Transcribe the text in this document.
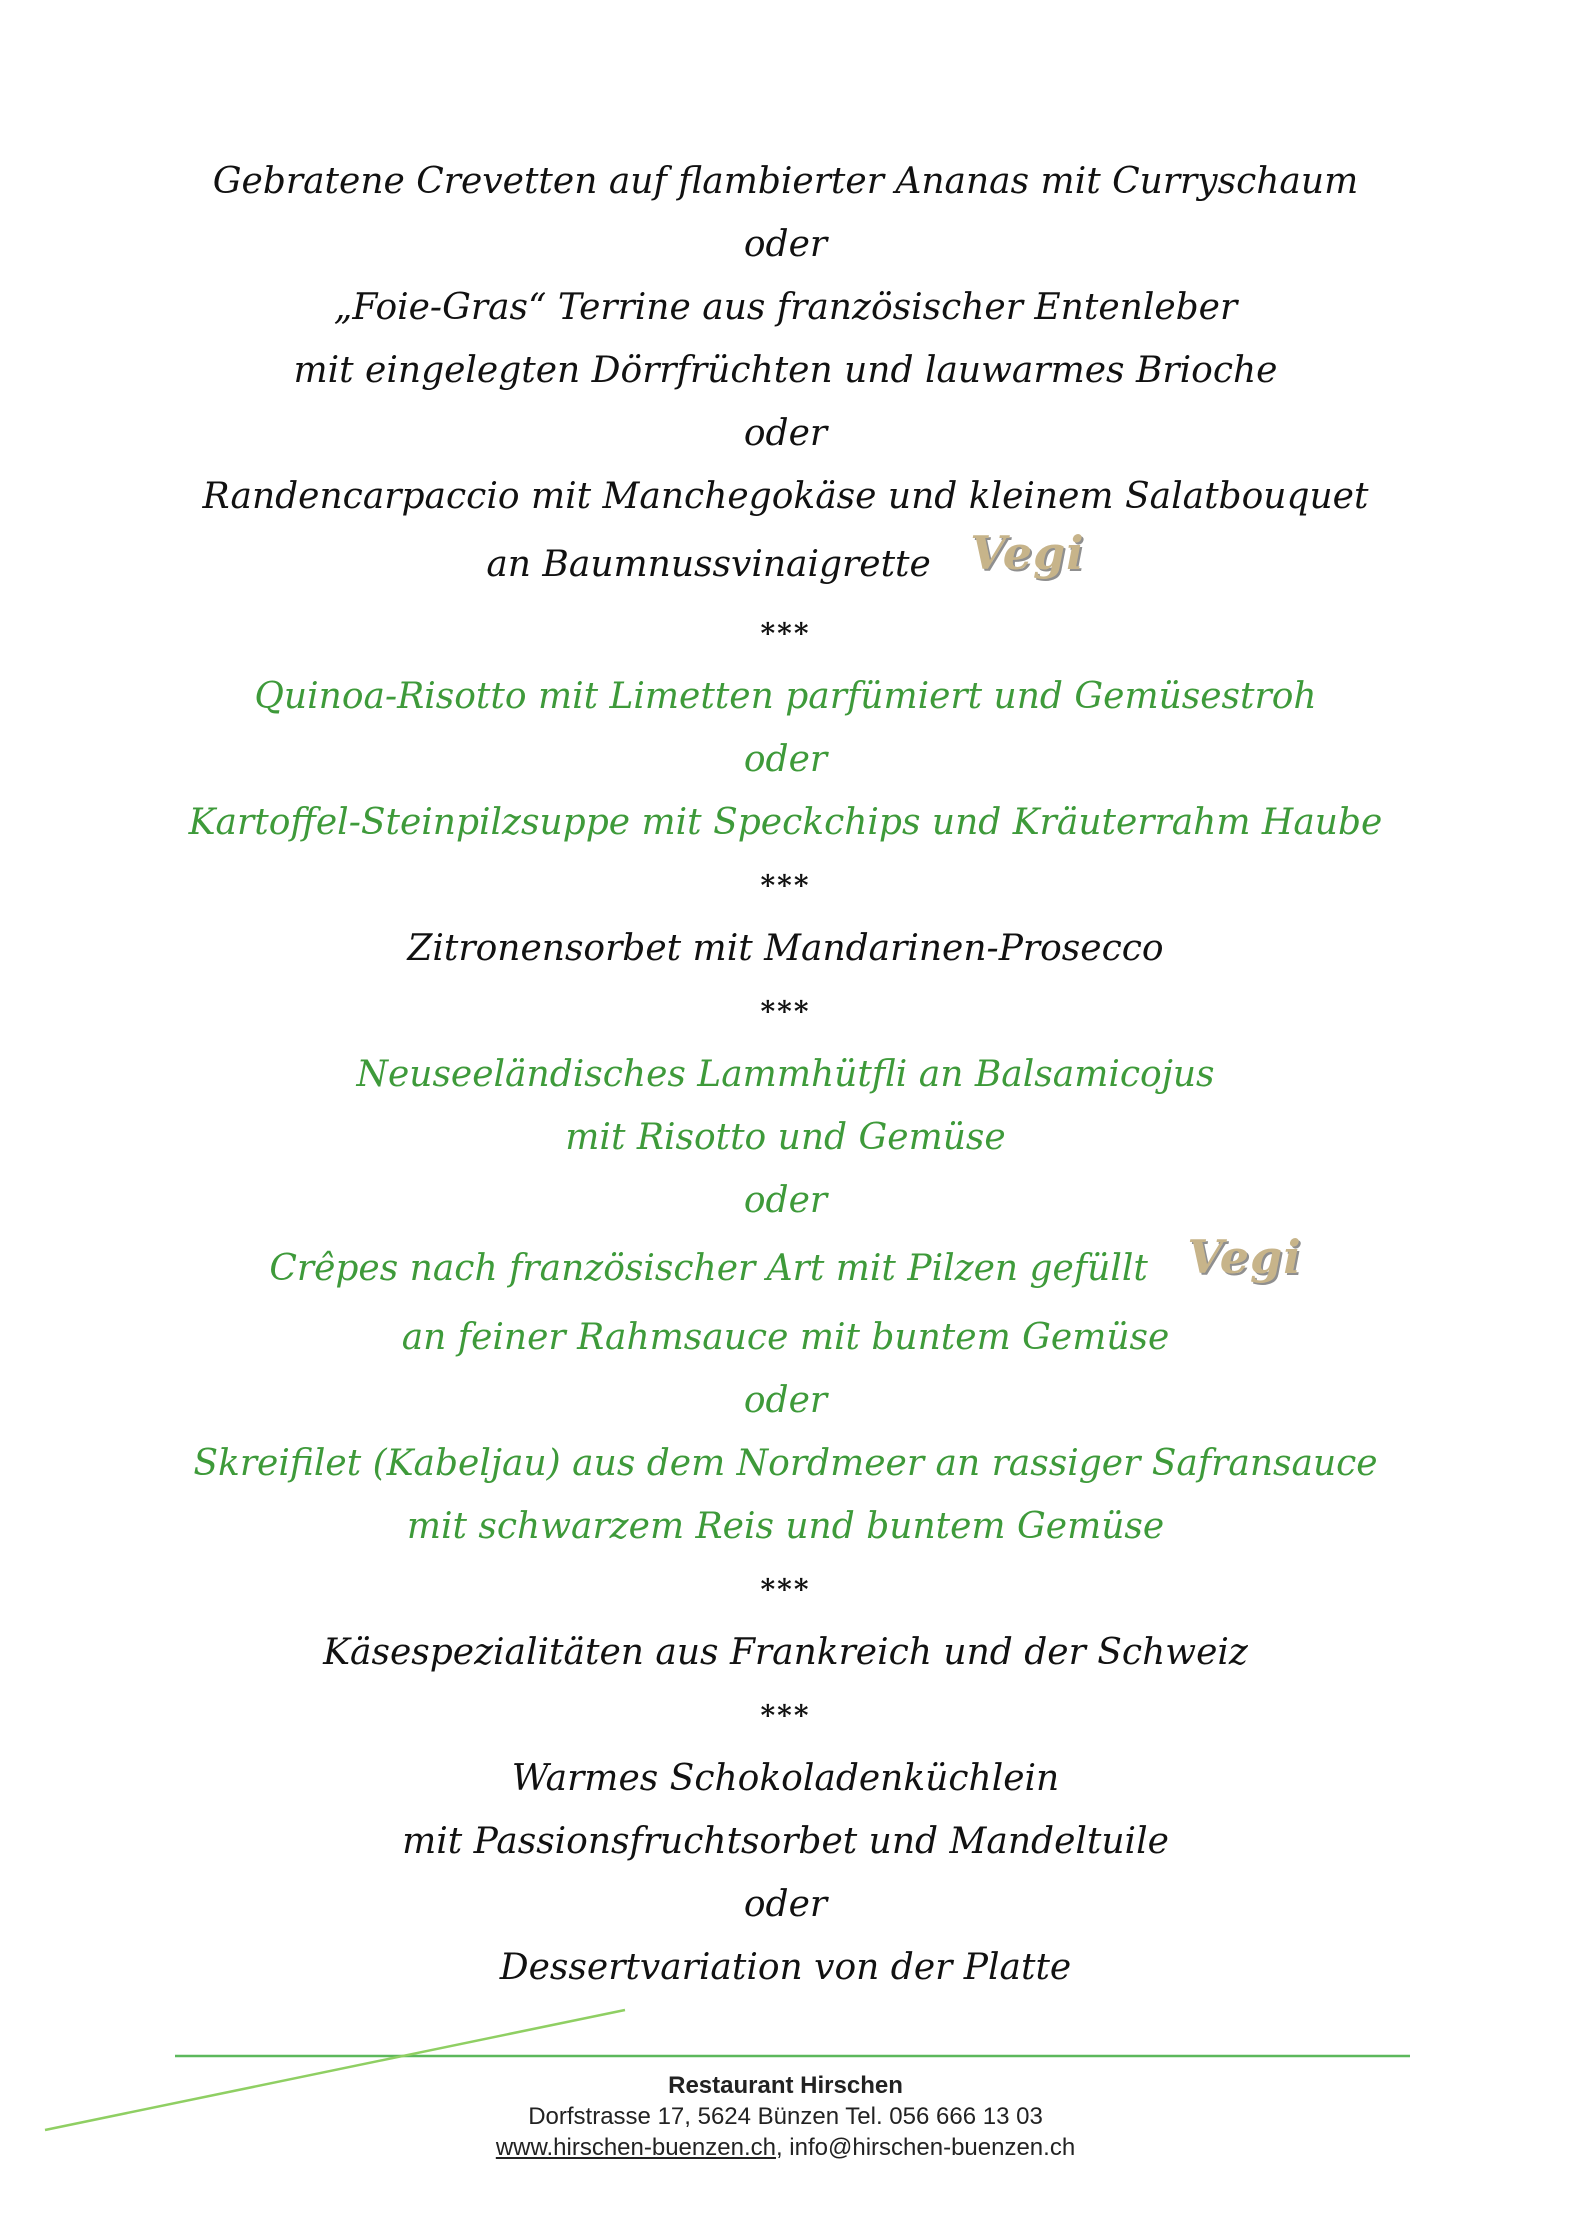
Gebratene Crevetten auf flambierter Ananas mit Curryschaum
oder
„Foie-Gras“ Terrine aus französischer Entenleber
mit eingelegten Dörrfrüchten und lauwarmes Brioche
oder
Randencarpaccio mit Manchegokäse und kleinem Salatbouquet
an Baumnussvinaigrette Vegi
***
Quinoa-Risotto mit Limetten parfümiert und Gemüsestroh
oder
Kartoffel-Steinpilzsuppe mit Speckchips und Kräuterrahm Haube
***
Zitronensorbet mit Mandarinen-Prosecco
***
Neuseeländisches Lammhütfli an Balsamicojus
mit Risotto und Gemüse
oder
Crêpes nach französischer Art mit Pilzen gefüllt Vegi
an feiner Rahmsauce mit buntem Gemüse
oder
Skreifilet (Kabeljau) aus dem Nordmeer an rassiger Safransauce
mit schwarzem Reis und buntem Gemüse
***
Käsespezialitäten aus Frankreich und der Schweiz
***
Warmes Schokoladenküchlein
mit Passionsfruchtsorbet und Mandeltuile
oder
Dessertvariation von der Platte
Restaurant Hirschen
Dorfstrasse 17, 5624 Bünzen Tel. 056 666 13 03
www.hirschen-buenzen.ch, info@hirschen-buenzen.ch
